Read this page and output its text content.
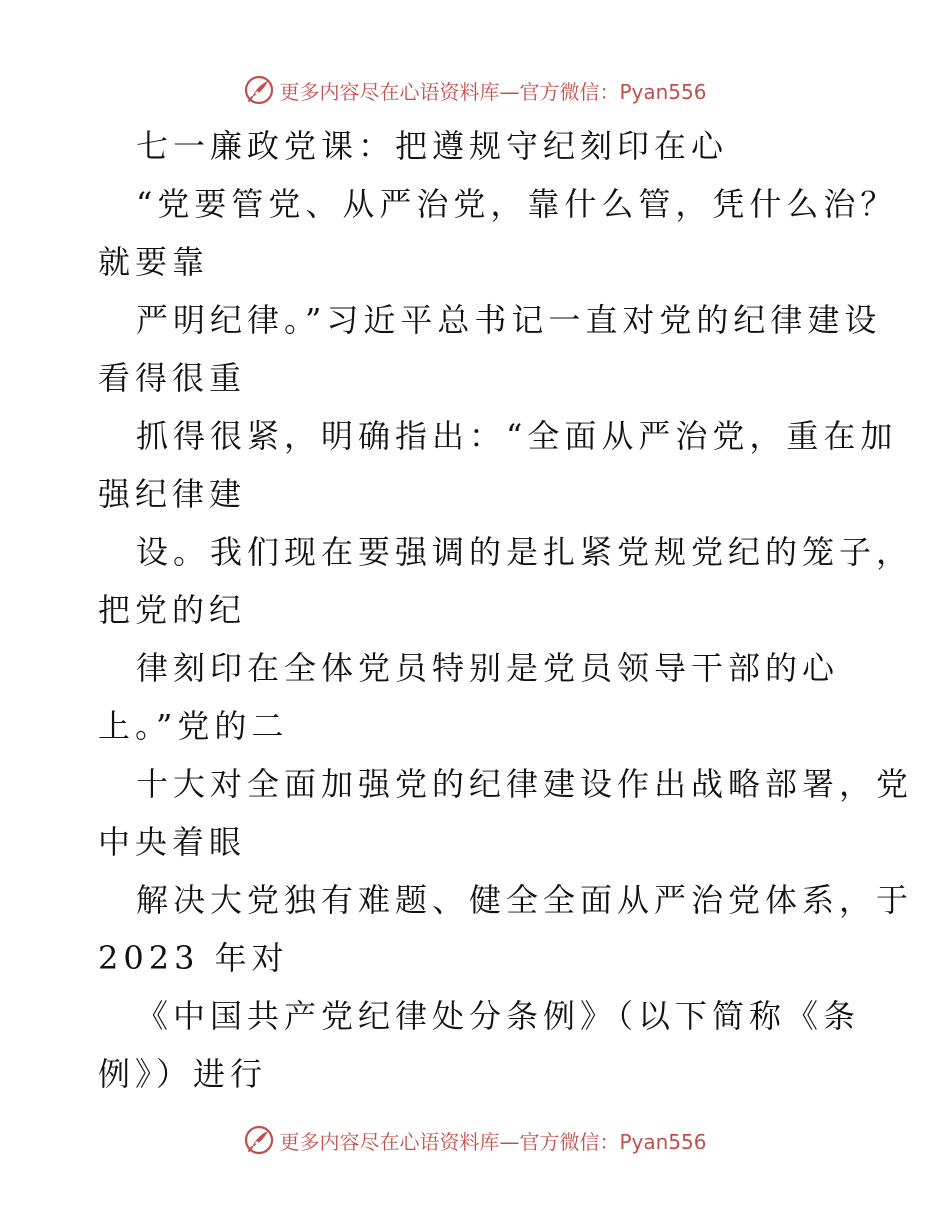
更多内容尽在心语资料库—官方微信：Pyan556
七一廉政党课：把遵规守纪刻印在心
“党要管党、从严治党，靠什么管，凭什么治？
就要靠
严明纪律。”习近平总书记一直对党的纪律建设
看得很重
抓得很紧，明确指出：“全面从严治党，重在加
强纪律建
设。我们现在要强调的是扎紧党规党纪的笼子，
把党的纪
律刻印在全体党员特别是党员领导干部的心
上。”党的二
十大对全面加强党的纪律建设作出战略部署，党
中央着眼
解决大党独有难题、健全全面从严治党体系，于
2023 年对
《中国共产党纪律处分条例》（以下简称《条
例》）进行
更多内容尽在心语资料库—官方微信：Pyan556
